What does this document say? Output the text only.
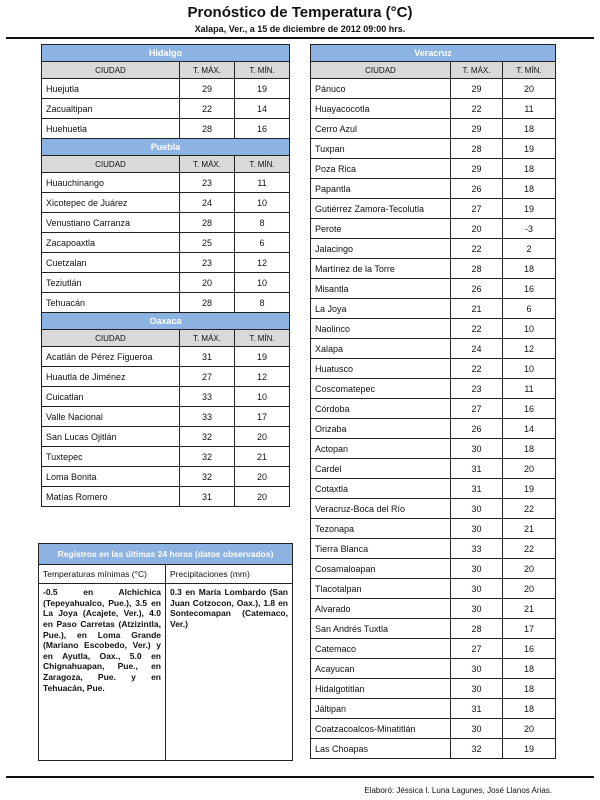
Pronóstico de Temperatura (°C)
Xalapa, Ver., a 15 de diciembre de 2012 09:00 hrs.
Hidalgo		
CIUDAD	T. MÁX.	T. MÍN.
Huejutla	29	19
Zacualtipan	22	14
Huehuetla	28	16
Puebla		
CIUDAD	T. MÁX.	T. MÍN.
Huauchinango	23	11
Xicotepec de Juárez	24	10
Venustiano Carranza	28	8
Zacapoaxtla	25	6
Cuetzalan	23	12
Teziutlán	20	10
Tehuacán	28	8
Oaxaca		
CIUDAD	T. MÁX.	T. MÍN.
Acatlán de Pérez Figueroa	31	19
Huautla de Jiménez	27	12
Cuicatlan	33	10
Valle Nacional	33	17
San Lucas Ojitlán	32	20
Tuxtepec	32	21
Loma Bonita	32	20
Matías Romero	31	20
Veracruz		
CIUDAD	T. MÁX.	T. MÍN.
Pánuco	29	20
Huayacocotla	22	11
Cerro Azul	29	18
Tuxpan	28	19
Poza Rica	29	18
Papantla	26	18
Gutiérrez Zamora-Tecolutla	27	19
Perote	20	-3
Jalacingo	22	2
Martínez de la Torre	28	18
Misantla	26	16
La Joya	21	6
Naolinco	22	10
Xalapa	24	12
Huatusco	22	10
Coscomatepec	23	11
Córdoba	27	16
Orizaba	26	14
Actopan	30	18
Cardel	31	20
Cotaxtla	31	19
Veracruz-Boca del Río	30	22
Tezonapa	30	21
Tierra Blanca	33	22
Cosamaloapan	30	20
Tlacotalpan	30	20
Alvarado	30	21
San Andrés Tuxtla	28	17
Catemaco	27	16
Acayucan	30	18
Hidalgotitlan	30	18
Jáltipan	31	18
Coatzacoalcos-Minatitlán	30	20
Las Choapas	32	19
Registros en las últimas 24 horas (datos observados)
Temperaturas mínimas (°C)	Precipitaciones (mm)
-0.5 en Alchichica (Tepeyahualco, Pue.), 3.5 en La Joya (Acajete, Ver.), 4.0 en Paso Carretas (Atzizintla, Pue.), en Loma Grande (Mariano Escobedo, Ver.) y en Ayutla, Oax., 5.0 en Chignahuapan, Pue., en Zaragoza, Pue. y en Tehuacán, Pue.
0.3 en María Lombardo (San Juan Cotzocon, Oax.), 1.8 en Sontecomapan (Catemaco, Ver.)
Elaboró: Jéssica I. Luna Lagunes, José Llanos Arias.
